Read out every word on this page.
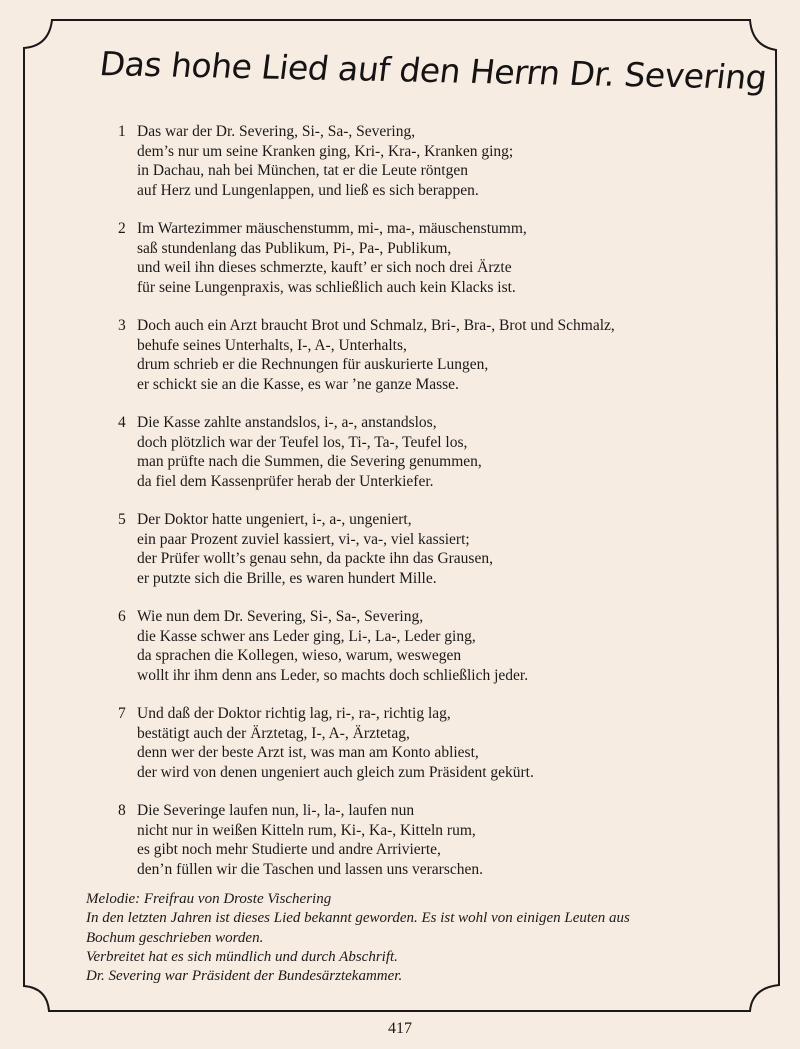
Das hohe Lied auf den Herrn Dr. Severing
1 Das war der Dr. Severing, Si-, Sa-, Severing,
dem’s nur um seine Kranken ging, Kri-, Kra-, Kranken ging;
in Dachau, nah bei München, tat er die Leute röntgen
auf Herz und Lungenlappen, und ließ es sich berappen.
2 Im Wartezimmer mäuschenstumm, mi-, ma-, mäuschenstumm,
saß stundenlang das Publikum, Pi-, Pa-, Publikum,
und weil ihn dieses schmerzte, kauft’ er sich noch drei Ärzte
für seine Lungenpraxis, was schließlich auch kein Klacks ist.
3 Doch auch ein Arzt braucht Brot und Schmalz, Bri-, Bra-, Brot und Schmalz,
behufe seines Unterhalts, I-, A-, Unterhalts,
drum schrieb er die Rechnungen für auskurierte Lungen,
er schickt sie an die Kasse, es war ’ne ganze Masse.
4 Die Kasse zahlte anstandslos, i-, a-, anstandslos,
doch plötzlich war der Teufel los, Ti-, Ta-, Teufel los,
man prüfte nach die Summen, die Severing genummen,
da fiel dem Kassenprüfer herab der Unterkiefer.
5 Der Doktor hatte ungeniert, i-, a-, ungeniert,
ein paar Prozent zuviel kassiert, vi-, va-, viel kassiert;
der Prüfer wollt’s genau sehn, da packte ihn das Grausen,
er putzte sich die Brille, es waren hundert Mille.
6 Wie nun dem Dr. Severing, Si-, Sa-, Severing,
die Kasse schwer ans Leder ging, Li-, La-, Leder ging,
da sprachen die Kollegen, wieso, warum, weswegen
wollt ihr ihm denn ans Leder, so machts doch schließlich jeder.
7 Und daß der Doktor richtig lag, ri-, ra-, richtig lag,
bestätigt auch der Ärztetag, I-, A-, Ärztetag,
denn wer der beste Arzt ist, was man am Konto abliest,
der wird von denen ungeniert auch gleich zum Präsident gekürt.
8 Die Severinge laufen nun, li-, la-, laufen nun
nicht nur in weißen Kitteln rum, Ki-, Ka-, Kitteln rum,
es gibt noch mehr Studierte und andre Arrivierte,
den’n füllen wir die Taschen und lassen uns verarschen.
Melodie: Freifrau von Droste Vischering
In den letzten Jahren ist dieses Lied bekannt geworden. Es ist wohl von einigen Leuten aus
Bochum geschrieben worden.
Verbreitet hat es sich mündlich und durch Abschrift.
Dr. Severing war Präsident der Bundesärztekammer.
417
